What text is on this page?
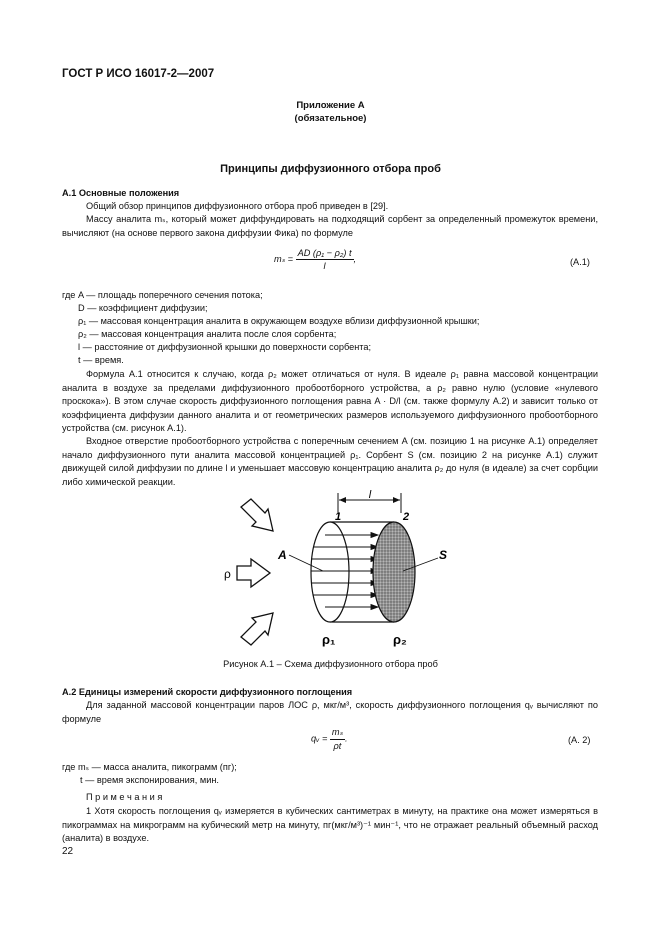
ГОСТ Р ИСО 16017-2—2007
Приложение А
(обязательное)
Принципы диффузионного отбора проб
А.1 Основные положения
Общий обзор принципов диффузионного отбора проб приведен в [29].
Массу аналита mₛ, который может диффундировать на подходящий сорбент за определенный промежуток времени, вычисляют (на основе первого закона диффузии Фика) по формуле
$m_s = \frac{\text{AD (ρ₁ − ρ₂) t}}{l}$ ,	(А.1)
где A — площадь поперечного сечения потока;
D — коэффициент диффузии;
ρ₁ — массовая концентрация аналита в окружающем воздухе вблизи диффузионной крышки;
ρ₂ — массовая концентрация аналита после слоя сорбента;
l — расстояние от диффузионной крышки до поверхности сорбента;
t — время.
Формула А.1 относится к случаю, когда ρ₂ может отличаться от нуля. В идеале ρ₁ равна массовой концентрации аналита в воздухе за пределами диффузионного пробоотборного устройства, а ρ₂ равно нулю (условие «нулевого проскока»). В этом случае скорость диффузионного поглощения равна A · D/l (см. также формулу А.2) и зависит только от коэффициента диффузии данного аналита и от геометрических размеров используемого диффузионного пробоотборного устройства (см. рисунок А.1).
Входное отверстие пробоотборного устройства с поперечным сечением A (см. позицию 1 на рисунке А.1) определяет начало диффузионного пути аналита массовой концентрацией ρ₁. Сорбент S (см. позицию 2 на рисунке А.1) служит движущей силой диффузии по длине l и уменьшает массовую концентрацию аналита ρ₂ до нуля (в идеале) за счет сорбции либо химической реакции.
l
1	2
ρ
A	S
ρ₁	ρ₂
Рисунок А.1 – Схема диффузионного отбора проб
А.2 Единицы измерений скорости диффузионного поглощения
Для заданной массовой концентрации паров ЛОС ρ, мкг/м³, скорость диффузионного поглощения qᵥ вычисляют по формуле
qᵥ = $\frac{\text{mₛ}}{\rho t}$ .	(А. 2)
где mₛ — масса аналита, пикограмм (пг);
t — время экспонирования, мин.
П р и м е ч а н и я
1 Хотя скорость поглощения qᵥ измеряется в кубических сантиметрах в минуту, на практике она может измеряться в пикограммах на микрограмм на кубический метр на минуту, пг(мкг/м³)⁻¹ мин⁻¹, что не отражает реальный объемный расход (аналита) в воздухе.
22
